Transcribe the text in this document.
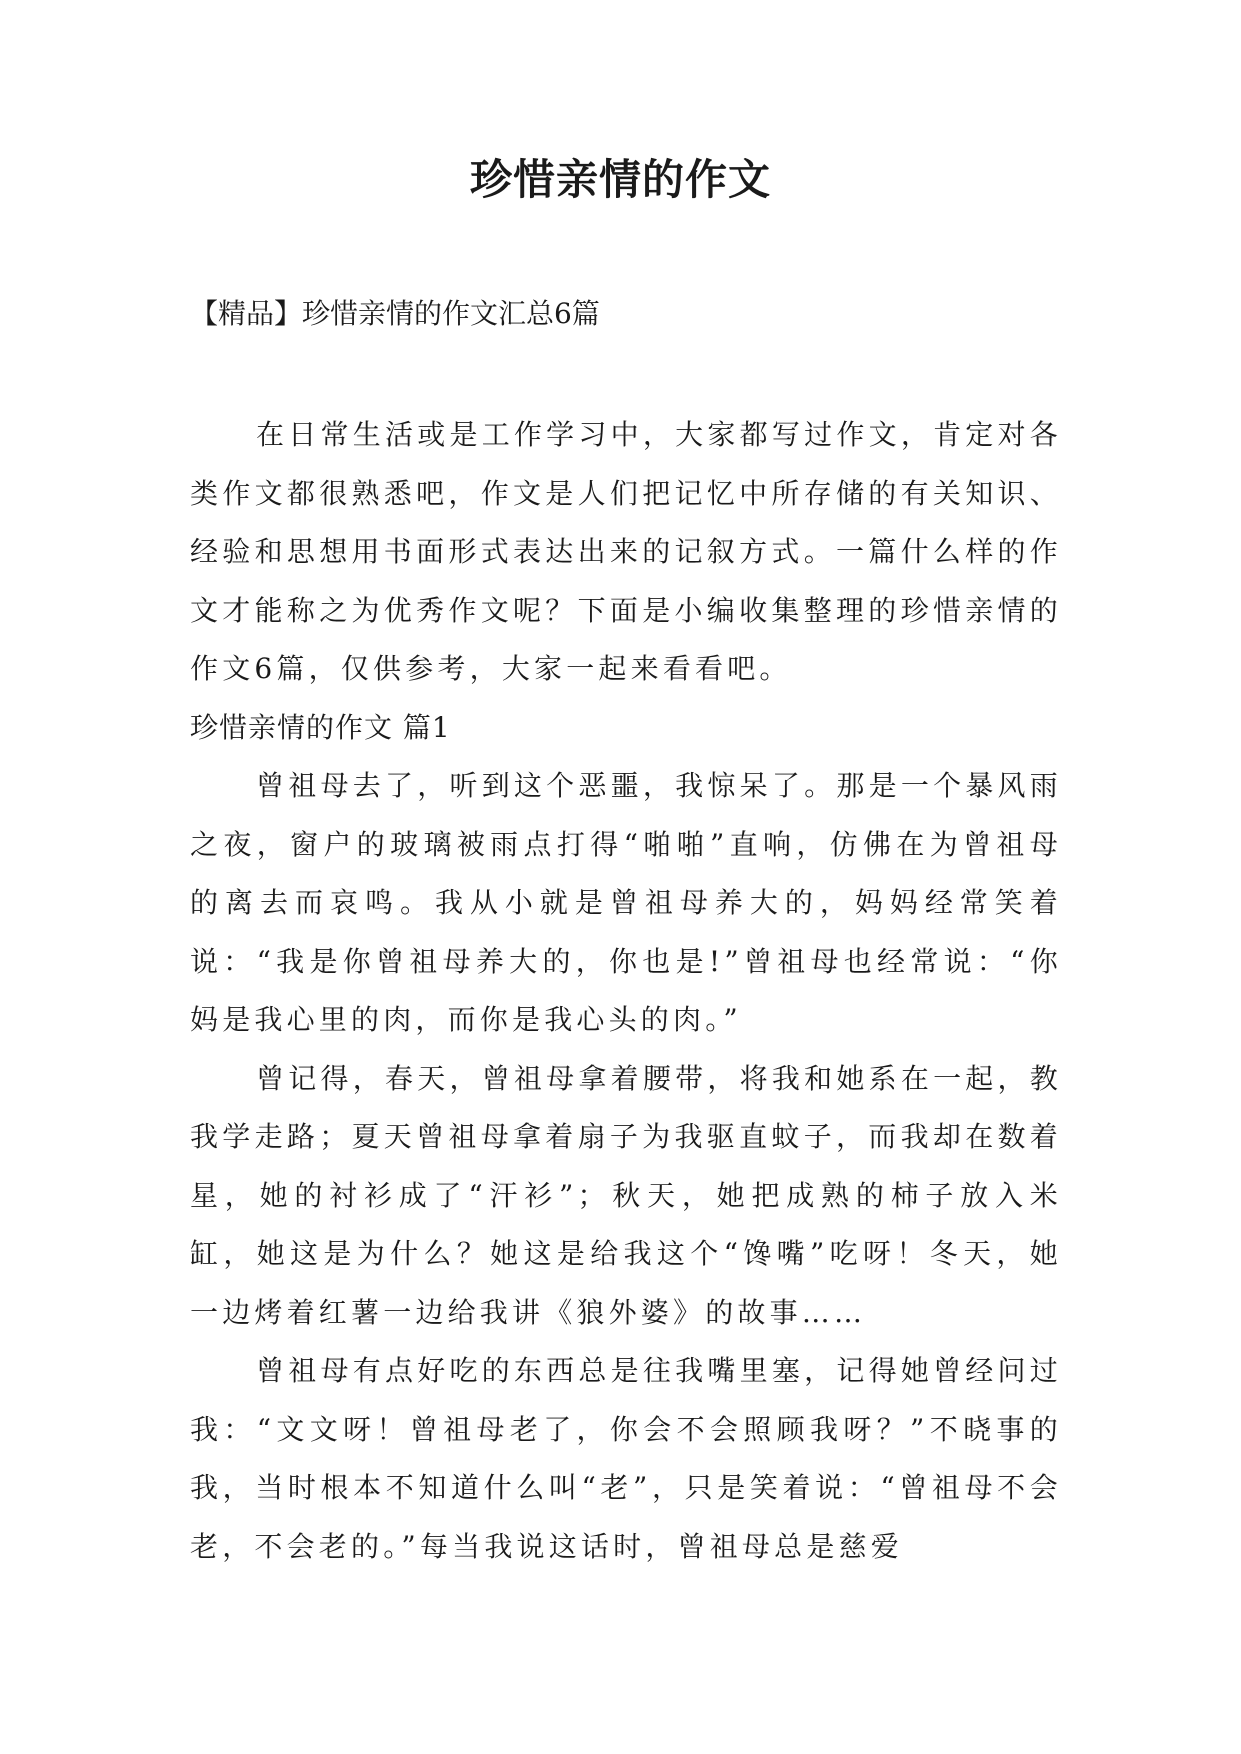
珍惜亲情的作文
【精品】珍惜亲情的作文汇总6篇

在日常生活或是工作学习中，大家都写过作文，肯定对各类作文都很熟悉吧，作文是人们把记忆中所存储的有关知识、经验和思想用书面形式表达出来的记叙方式。一篇什么样的作文才能称之为优秀作文呢？下面是小编收集整理的珍惜亲情的作文6篇，仅供参考，大家一起来看看吧。

珍惜亲情的作文 篇1

曾祖母去了，听到这个恶噩，我惊呆了。那是一个暴风雨之夜，窗户的玻璃被雨点打得“啪啪”直响，仿佛在为曾祖母的离去而哀鸣。我从小就是曾祖母养大的，妈妈经常笑着说：“我是你曾祖母养大的，你也是!”曾祖母也经常说：“你妈是我心里的肉，而你是我心头的肉。”

曾记得，春天，曾祖母拿着腰带，将我和她系在一起，教我学走路；夏天曾祖母拿着扇子为我驱直蚊子，而我却在数着星，她的衬衫成了“汗衫”；秋天，她把成熟的柿子放入米缸，她这是为什么？她这是给我这个“馋嘴”吃呀！冬天，她一边烤着红薯一边给我讲《狼外婆》的故事……

曾祖母有点好吃的东西总是往我嘴里塞，记得她曾经问过我：“文文呀！曾祖母老了，你会不会照顾我呀？”不晓事的我，当时根本不知道什么叫“老”，只是笑着说：“曾祖母不会老，不会老的。”每当我说这话时，曾祖母总是慈爱
